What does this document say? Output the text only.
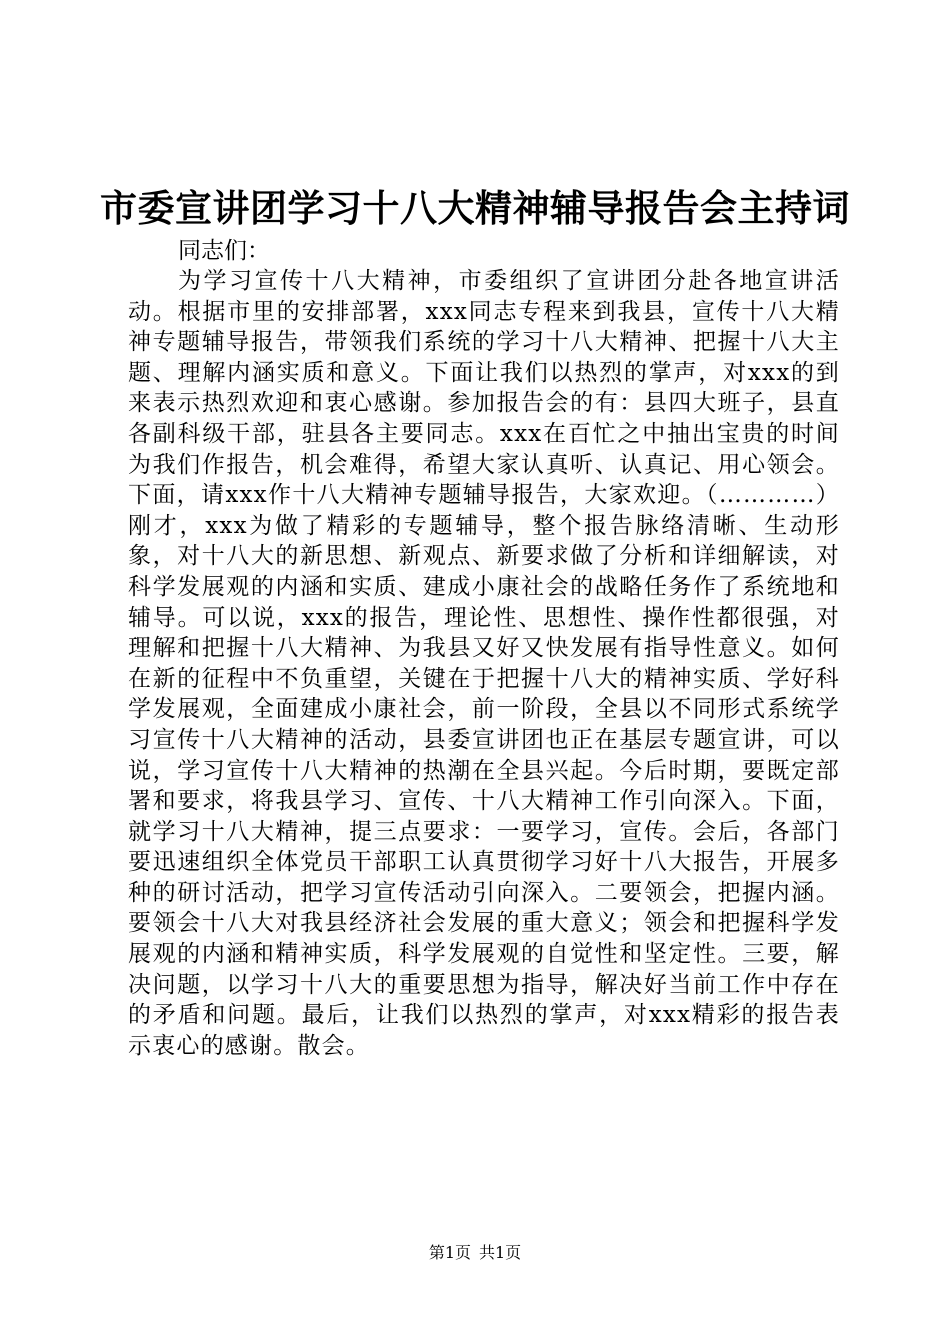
市委宣讲团学习十八大精神辅导报告会主持词

同志们：

为学习宣传十八大精神，市委组织了宣讲团分赴各地宣讲活动。根据市里的安排部署，xxx同志专程来到我县，宣传十八大精神专题辅导报告，带领我们系统的学习十八大精神、把握十八大主题、理解内涵实质和意义。下面让我们以热烈的掌声，对xxx的到来表示热烈欢迎和衷心感谢。参加报告会的有：县四大班子，县直各副科级干部，驻县各主要同志。xxx在百忙之中抽出宝贵的时间为我们作报告，机会难得，希望大家认真听、认真记、用心领会。下面，请xxx作十八大精神专题辅导报告，大家欢迎。（…………）刚才，xxx为做了精彩的专题辅导，整个报告脉络清晰、生动形象，对十八大的新思想、新观点、新要求做了分析和详细解读，对科学发展观的内涵和实质、建成小康社会的战略任务作了系统地和辅导。可以说，xxx的报告，理论性、思想性、操作性都很强，对理解和把握十八大精神、为我县又好又快发展有指导性意义。如何在新的征程中不负重望，关键在于把握十八大的精神实质、学好科学发展观，全面建成小康社会，前一阶段，全县以不同形式系统学习宣传十八大精神的活动，县委宣讲团也正在基层专题宣讲，可以说，学习宣传十八大精神的热潮在全县兴起。今后时期，要既定部署和要求，将我县学习、宣传、十八大精神工作引向深入。下面，就学习十八大精神，提三点要求：一要学习，宣传。会后，各部门要迅速组织全体党员干部职工认真贯彻学习好十八大报告，开展多种的研讨活动，把学习宣传活动引向深入。二要领会，把握内涵。要领会十八大对我县经济社会发展的重大意义；领会和把握科学发展观的内涵和精神实质，科学发展观的自觉性和坚定性。三要，解决问题，以学习十八大的重要思想为指导，解决好当前工作中存在的矛盾和问题。最后，让我们以热烈的掌声，对xxx精彩的报告表示衷心的感谢。散会。

第1页 共1页
